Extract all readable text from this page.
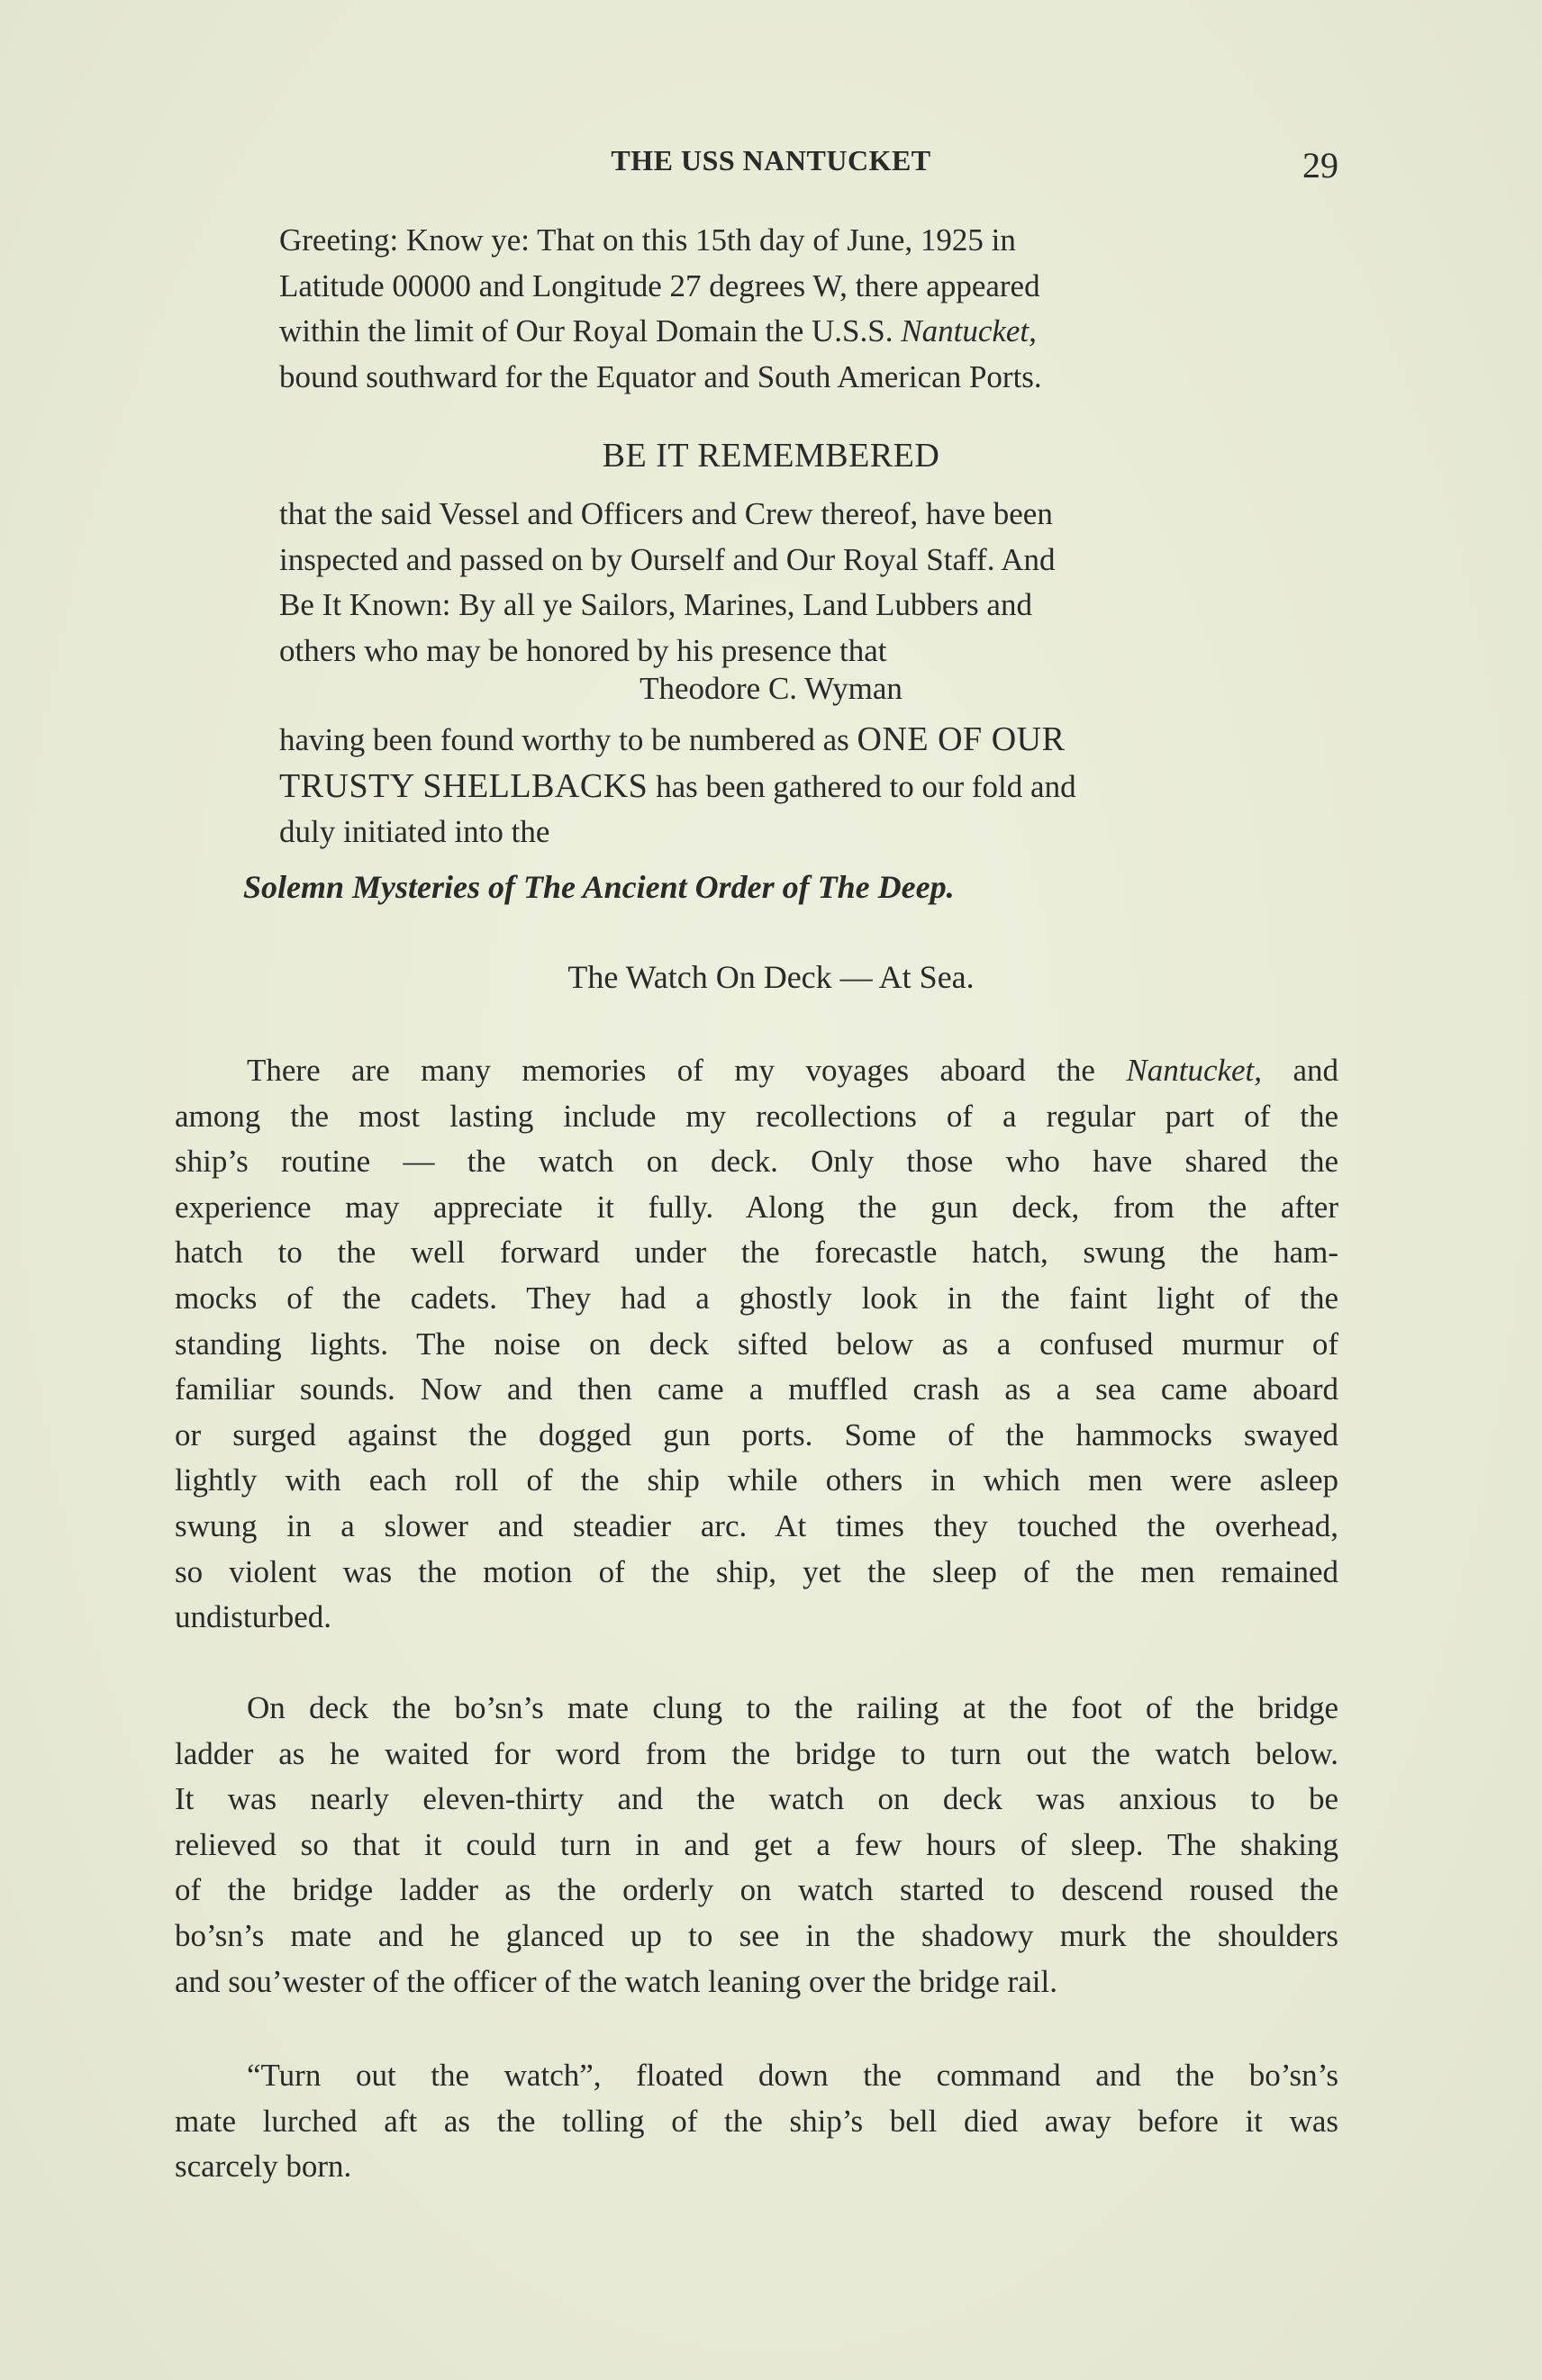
THE USS NANTUCKET	29

Greeting: Know ye: That on this 15th day of June, 1925 in

Latitude 00000 and Longitude 27 degrees W, there appeared

within the limit of Our Royal Domain the U.S.S. Nantucket,

bound southward for the Equator and South American Ports.

BE IT REMEMBERED

that the said Vessel and Officers and Crew thereof, have been

inspected and passed on by Ourself and Our Royal Staff. And

Be It Known: By all ye Sailors, Marines, Land Lubbers and

others who may be honored by his presence that

Theodore C. Wyman

having been found worthy to be numbered as ONE OF OUR

TRUSTY SHELLBACKS has been gathered to our fold and

duly initiated into the

Solemn Mysteries of The Ancient Order of The Deep.
The Watch On Deck — At Sea.
There are many memories of my voyages aboard the Nantucket, and
among the most lasting include my recollections of a regular part of the
ship’s routine — the watch on deck. Only those who have shared the
experience may appreciate it fully. Along the gun deck, from the after
hatch to the well forward under the forecastle hatch, swung the ham-
mocks of the cadets. They had a ghostly look in the faint light of the
standing lights. The noise on deck sifted below as a confused murmur of
familiar sounds. Now and then came a muffled crash as a sea came aboard
or surged against the dogged gun ports. Some of the hammocks swayed
lightly with each roll of the ship while others in which men were asleep
swung in a slower and steadier arc. At times they touched the overhead,
so violent was the motion of the ship, yet the sleep of the men remained
undisturbed.
On deck the bo’sn’s mate clung to the railing at the foot of the bridge
ladder as he waited for word from the bridge to turn out the watch below.
It was nearly eleven-thirty and the watch on deck was anxious to be
relieved so that it could turn in and get a few hours of sleep. The shaking
of the bridge ladder as the orderly on watch started to descend roused the
bo’sn’s mate and he glanced up to see in the shadowy murk the shoulders
and sou’wester of the officer of the watch leaning over the bridge rail.
“Turn out the watch”, floated down the command and the bo’sn’s
mate lurched aft as the tolling of the ship’s bell died away before it was
scarcely born.
